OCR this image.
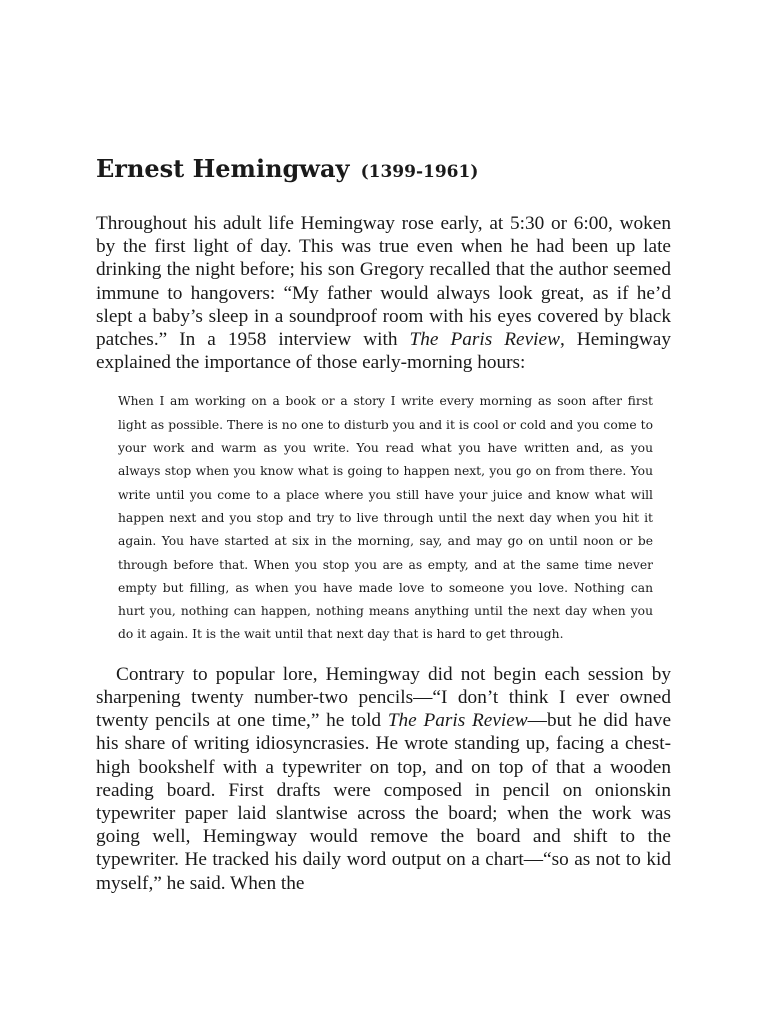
Ernest Hemingway (1399-1961)

Throughout his adult life Hemingway rose early, at 5:30 or 6:00, woken by the first light of day. This was true even when he had been up late drinking the night before; his son Gregory recalled that the author seemed immune to hangovers: “My father would always look great, as if he’d slept a baby’s sleep in a soundproof room with his eyes covered by black patches.” In a 1958 interview with The Paris Review, Hemingway explained the importance of those early-morning hours:

When I am working on a book or a story I write every morning as soon after first light as possible. There is no one to disturb you and it is cool or cold and you come to your work and warm as you write. You read what you have written and, as you always stop when you know what is going to happen next, you go on from there. You write until you come to a place where you still have your juice and know what will happen next and you stop and try to live through until the next day when you hit it again. You have started at six in the morning, say, and may go on until noon or be through before that. When you stop you are as empty, and at the same time never empty but filling, as when you have made love to someone you love. Nothing can hurt you, nothing can happen, nothing means anything until the next day when you do it again. It is the wait until that next day that is hard to get through.

Contrary to popular lore, Hemingway did not begin each session by sharpening twenty number-two pencils—“I don’t think I ever owned twenty pencils at one time,” he told The Paris Review—but he did have his share of writing idiosyncrasies. He wrote standing up, facing a chest-high bookshelf with a typewriter on top, and on top of that a wooden reading board. First drafts were composed in pencil on onionskin typewriter paper laid slantwise across the board; when the work was going well, Hemingway would remove the board and shift to the typewriter. He tracked his daily word output on a chart—“so as not to kid myself,” he said. When the
